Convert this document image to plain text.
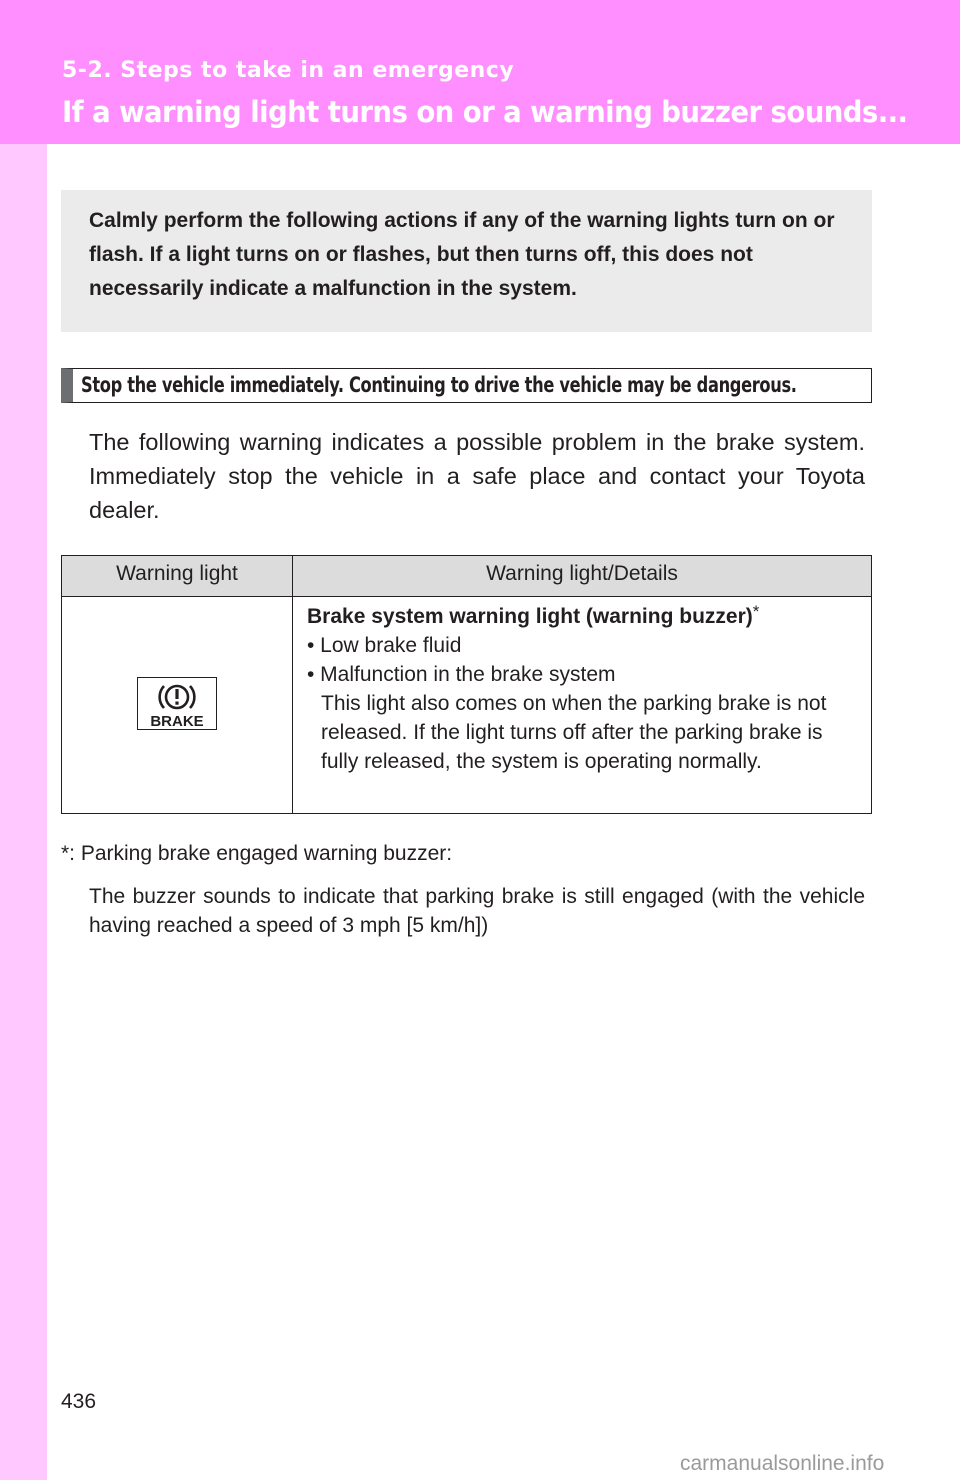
5-2. Steps to take in an emergency
If a warning light turns on or a warning buzzer sounds...
Calmly perform the following actions if any of the warning lights turn on or flash. If a light turns on or flashes, but then turns off, this does not necessarily indicate a malfunction in the system.
Stop the vehicle immediately. Continuing to drive the vehicle may be dangerous.
The following warning indicates a possible problem in the brake system. Immediately stop the vehicle in a safe place and contact your Toyota dealer.
Warning light	Warning light/Details

BRAKE	Brake system warning light (warning buzzer)*
• Low brake fluid
• Malfunction in the brake system
This light also comes on when the parking brake is not released. If the light turns off after the parking brake is fully released, the system is operating normally.
*: Parking brake engaged warning buzzer:
The buzzer sounds to indicate that parking brake is still engaged (with the vehicle having reached a speed of 3 mph [5 km/h])
436
carmanualsonline.info
